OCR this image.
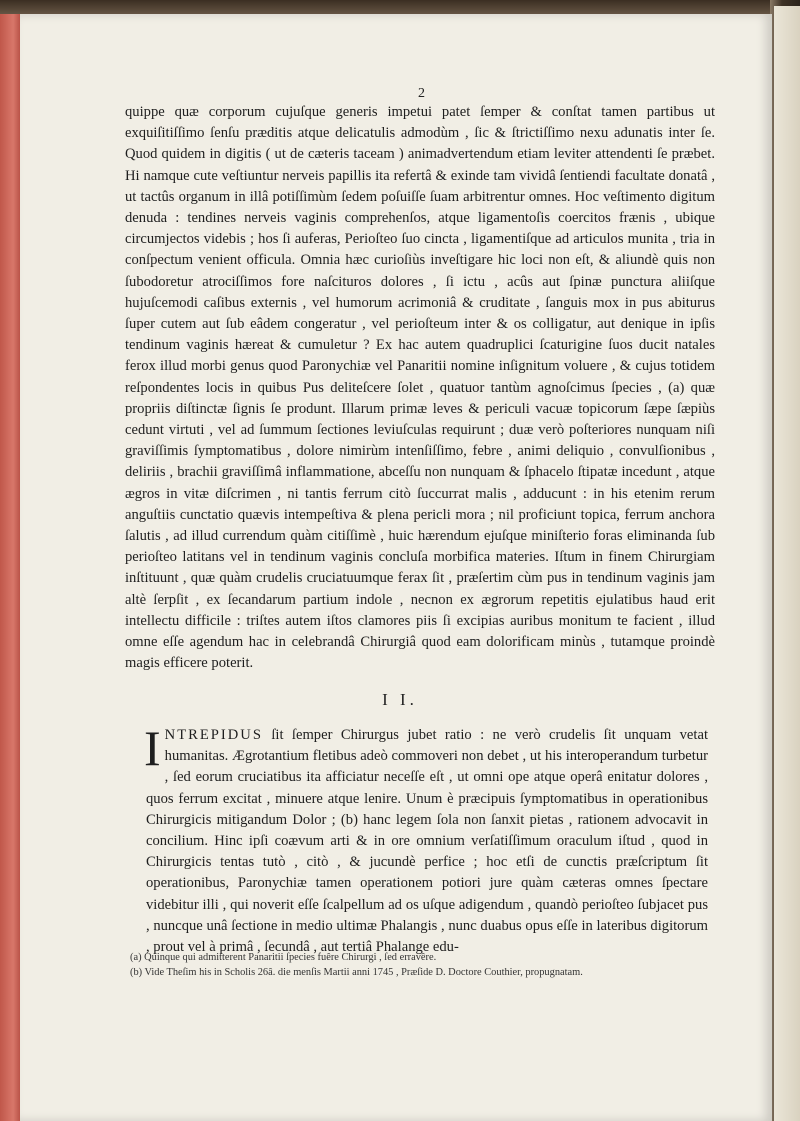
2

quippe quæ corporum cujuſque generis impetui patet ſemper & conſtat tamen partibus ut exquiſitiſſimo ſenſu præditis atque delicatulis admodùm , ſic & ſtrictiſſimo nexu adunatis inter ſe. Quod quidem in digitis ( ut de cæteris taceam ) animadvertendum etiam leviter attendenti ſe præbet. Hi namque cute veſtiuntur nerveis papillis ita refertâ & exinde tam vividâ ſentiendi facultate donatâ , ut tactûs organum in illâ potiſſimùm ſedem poſuiſſe ſuam arbitrentur omnes. Hoc veſtimento digitum denuda : tendines nerveis vaginis comprehenſos, atque ligamentoſis coercitos frænis , ubique circumjectos videbis ; hos ſi auferas, Perioſteo ſuo cincta , ligamentiſque ad articulos munita , tria in conſpectum venient officula. Omnia hæc curioſiùs inveſtigare hic loci non eſt, & aliundè quis non ſubodoretur atrociſſimos fore naſcituros dolores , ſi ictu , acûs aut ſpinæ punctura aliiſque hujuſcemodi caſibus externis , vel humorum acrimoniâ & cruditate , ſanguis mox in pus abiturus ſuper cutem aut ſub eâdem congeratur , vel perioſteum inter & os colligatur, aut denique in ipſis tendinum vaginis hæreat & cumuletur ? Ex hac autem quadruplici ſcaturigine ſuos ducit natales ferox illud morbi genus quod Paronychiæ vel Panaritii nomine inſignitum voluere , & cujus totidem reſpondentes locis in quibus Pus deliteſcere ſolet , quatuor tantùm agnoſcimus ſpecies , (a) quæ propriis diſtinctæ ſignis ſe produnt. Illarum primæ leves & periculi vacuæ topicorum ſæpe ſæpiùs cedunt virtuti , vel ad ſummum ſectiones leviuſculas requirunt ; duæ verò poſteriores nunquam niſi graviſſimis ſymptomatibus , dolore nimirùm intenſiſſimo, febre , animi deliquio , convulſionibus , deliriis , brachii graviſſimâ inflammatione, abceſſu non nunquam & ſphacelo ſtipatæ incedunt , atque ægros in vitæ diſcrimen , ni tantis ferrum citò ſuccurrat malis , adducunt : in his etenim rerum anguſtiis cunctatio quævis intempeſtiva & plena pericli mora ; nil proficiunt topica, ferrum anchora ſalutis , ad illud currendum quàm citiſſimè , huic hærendum ejuſque miniſterio foras eliminanda ſub perioſteo latitans vel in tendinum vaginis concluſa morbifica materies. Iſtum in finem Chirurgiam inſtituunt , quæ quàm crudelis cruciatuumque ferax ſit , præſertim cùm pus in tendinum vaginis jam altè ſerpſit , ex ſecandarum partium indole , necnon ex ægrorum repetitis ejulatibus haud erit intellectu difficile : triſtes autem iſtos clamores piis ſi excipias auribus monitum te facient , illud omne eſſe agendum hac in celebrandâ Chirurgiâ quod eam dolorificam minùs , tutamque proindè magis efficere poterit.

I I.
INTREPIDUS ſit ſemper Chirurgus jubet ratio : ne verò crudelis ſit unquam vetat humanitas. Ægrotantium fletibus adeò commoveri non debet , ut his interoperandum turbetur , ſed eorum cruciatibus ita afficiatur neceſſe eſt , ut omni ope atque operâ enitatur dolores , quos ferrum excitat , minuere atque lenire. Unum è præcipuis ſymptomatibus in operationibus Chirurgicis mitigandum Dolor ; (b) hanc legem ſola non ſanxit pietas , rationem advocavit in concilium. Hinc ipſi coævum arti & in ore omnium verſatiſſimum oraculum iſtud , quod in Chirurgicis tentas tutò , citò , & jucundè perfice ; hoc etſi de cunctis præſcriptum ſit operationibus, Paronychiæ tamen operationem potiori jure quàm cæteras omnes ſpectare videbitur illi , qui noverit eſſe ſcalpellum ad os uſque adigendum , quandò perioſteo ſubjacet pus , nuncque unâ ſectione in medio ultimæ Phalangis , nunc duabus opus eſſe in lateribus digitorum , prout vel à primâ , ſecundâ , aut tertiâ Phalange edu-
(a) Quinque qui admitterent Panaritii ſpecies fuêre Chirurgi , ſed erravêre.
(b) Vide Theſim his in Scholis 26â. die menſis Martii anni 1745 , Præſide D. Doctore Couthier, propugnatam.
